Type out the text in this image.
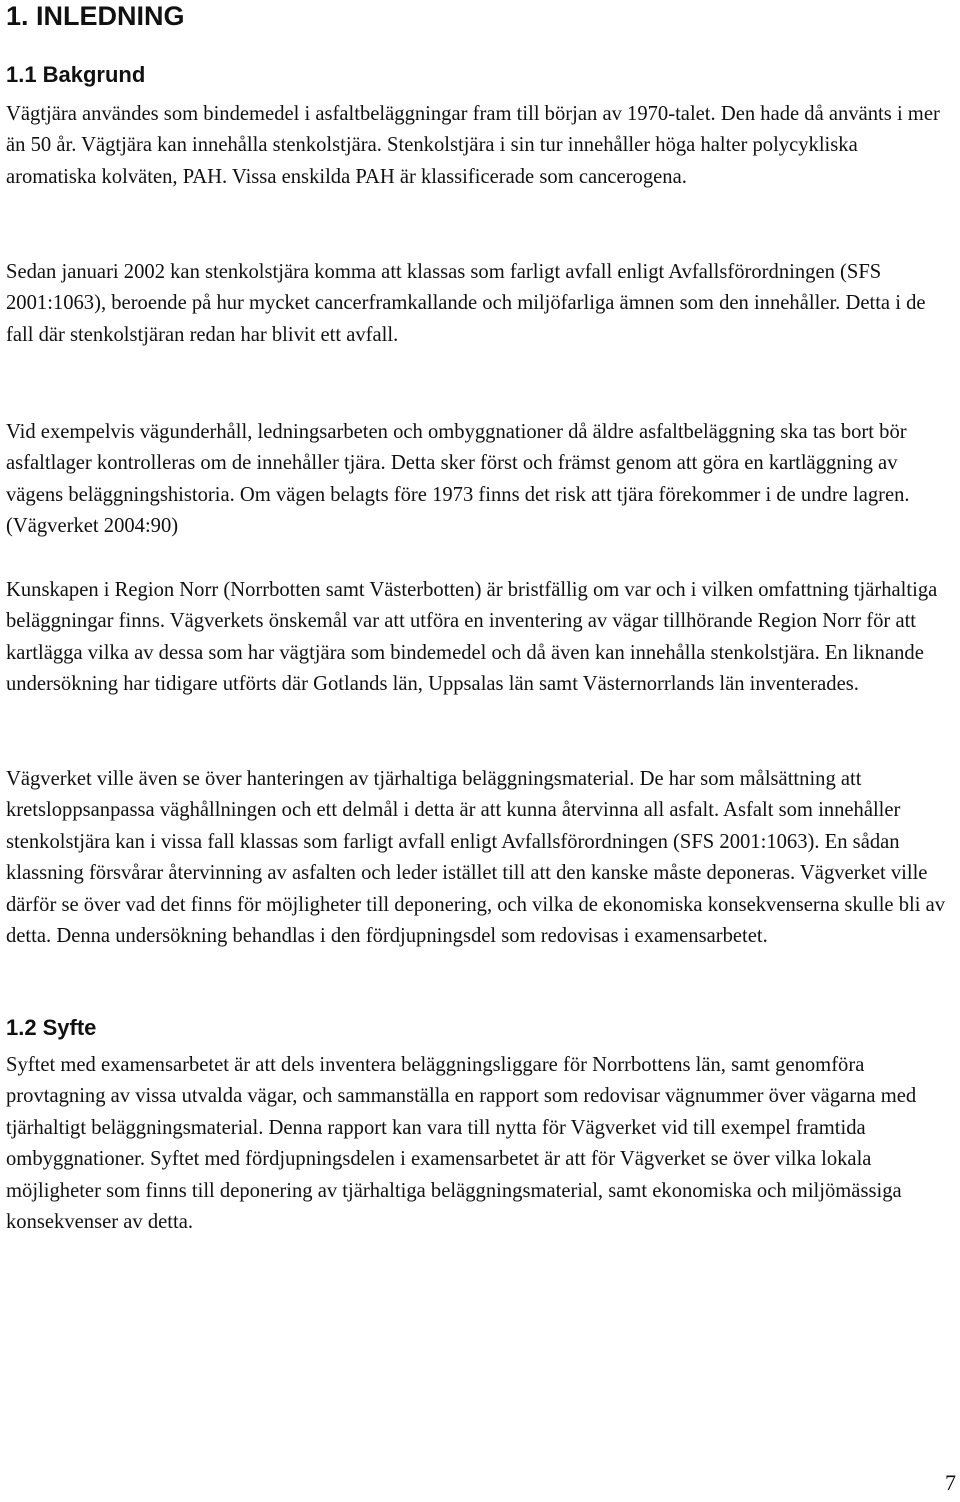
1. INLEDNING
1.1 Bakgrund

Vägtjära användes som bindemedel i asfaltbeläggningar fram till början av 1970-talet. Den hade då använts i mer än 50 år. Vägtjära kan innehålla stenkolstjära. Stenkolstjära i sin tur innehåller höga halter polycykliska aromatiska kolväten, PAH. Vissa enskilda PAH är klassificerade som cancerogena.

Sedan januari 2002 kan stenkolstjära komma att klassas som farligt avfall enligt Avfallsförordningen (SFS 2001:1063), beroende på hur mycket cancerframkallande och miljöfarliga ämnen som den innehåller. Detta i de fall där stenkolstjäran redan har blivit ett avfall.

Vid exempelvis vägunderhåll, ledningsarbeten och ombyggnationer då äldre asfaltbeläggning ska tas bort bör asfaltlager kontrolleras om de innehåller tjära. Detta sker först och främst genom att göra en kartläggning av vägens beläggningshistoria. Om vägen belagts före 1973 finns det risk att tjära förekommer i de undre lagren. (Vägverket 2004:90)

Kunskapen i Region Norr (Norrbotten samt Västerbotten) är bristfällig om var och i vilken omfattning tjärhaltiga beläggningar finns. Vägverkets önskemål var att utföra en inventering av vägar tillhörande Region Norr för att kartlägga vilka av dessa som har vägtjära som bindemedel och då även kan innehålla stenkolstjära. En liknande undersökning har tidigare utförts där Gotlands län, Uppsalas län samt Västernorrlands län inventerades.

Vägverket ville även se över hanteringen av tjärhaltiga beläggningsmaterial. De har som målsättning att kretsloppsanpassa väghållningen och ett delmål i detta är att kunna återvinna all asfalt. Asfalt som innehåller stenkolstjära kan i vissa fall klassas som farligt avfall enligt Avfallsförordningen (SFS 2001:1063). En sådan klassning försvårar återvinning av asfalten och leder istället till att den kanske måste deponeras. Vägverket ville därför se över vad det finns för möjligheter till deponering, och vilka de ekonomiska konsekvenserna skulle bli av detta. Denna undersökning behandlas i den fördjupningsdel som redovisas i examensarbetet.

1.2 Syfte

Syftet med examensarbetet är att dels inventera beläggningsliggare för Norrbottens län, samt genomföra provtagning av vissa utvalda vägar, och sammanställa en rapport som redovisar vägnummer över vägarna med tjärhaltigt beläggningsmaterial. Denna rapport kan vara till nytta för Vägverket vid till exempel framtida ombyggnationer. Syftet med fördjupningsdelen i examensarbetet är att för Vägverket se över vilka lokala möjligheter som finns till deponering av tjärhaltiga beläggningsmaterial, samt ekonomiska och miljömässiga konsekvenser av detta.

7
